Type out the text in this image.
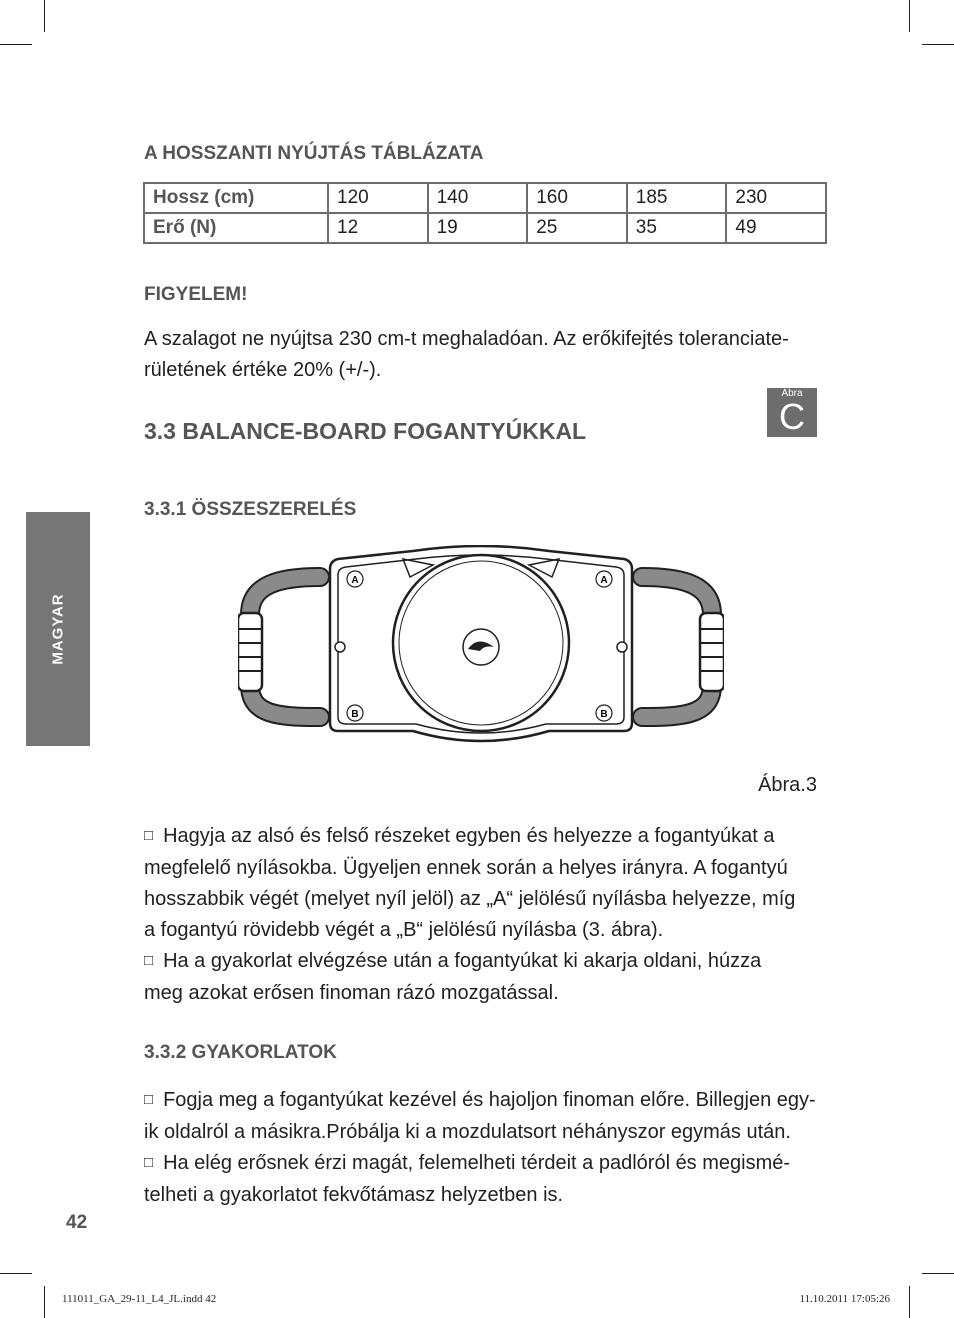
MAGYAR
A HOSSZANTI NYÚJTÁS TÁBLÁZATA
Hossz (cm)	120	140	160	185	230
Erő (N)	12	19	25	35	49
FIGYELEM!
A szalagot ne nyújtsa 230 cm-t meghaladóan. Az erőkifejtés toleranciate-
rületének értéke 20% (+/-).
3.3 BALANCE-BOARD FOGANTYÚKKAL
Ábra
C
3.3.1 ÖSSZESZERELÉS
A	A
B	B
Ábra.3
□ Hagyja az alsó és felső részeket egyben és helyezze a fogantyúkat a
megfelelő nyílásokba. Ügyeljen ennek során a helyes irányra. A fogantyú
hosszabbik végét (melyet nyíl jelöl) az „A“ jelölésű nyílásba helyezze, míg
a fogantyú rövidebb végét a „B“ jelölésű nyílásba (3. ábra).
□ Ha a gyakorlat elvégzése után a fogantyúkat ki akarja oldani, húzza
meg azokat erősen finoman rázó mozgatással.
3.3.2 GYAKORLATOK
□ Fogja meg a fogantyúkat kezével és hajoljon finoman előre. Billegjen egy-
ik oldalról a másikra.Próbálja ki a mozdulatsort néhányszor egymás után.
□ Ha elég erősnek érzi magát, felemelheti térdeit a padlóról és megismé-
telheti a gyakorlatot fekvőtámasz helyzetben is.
42
111011_GA_29-11_L4_JL.indd 42	11.10.2011 17:05:26
